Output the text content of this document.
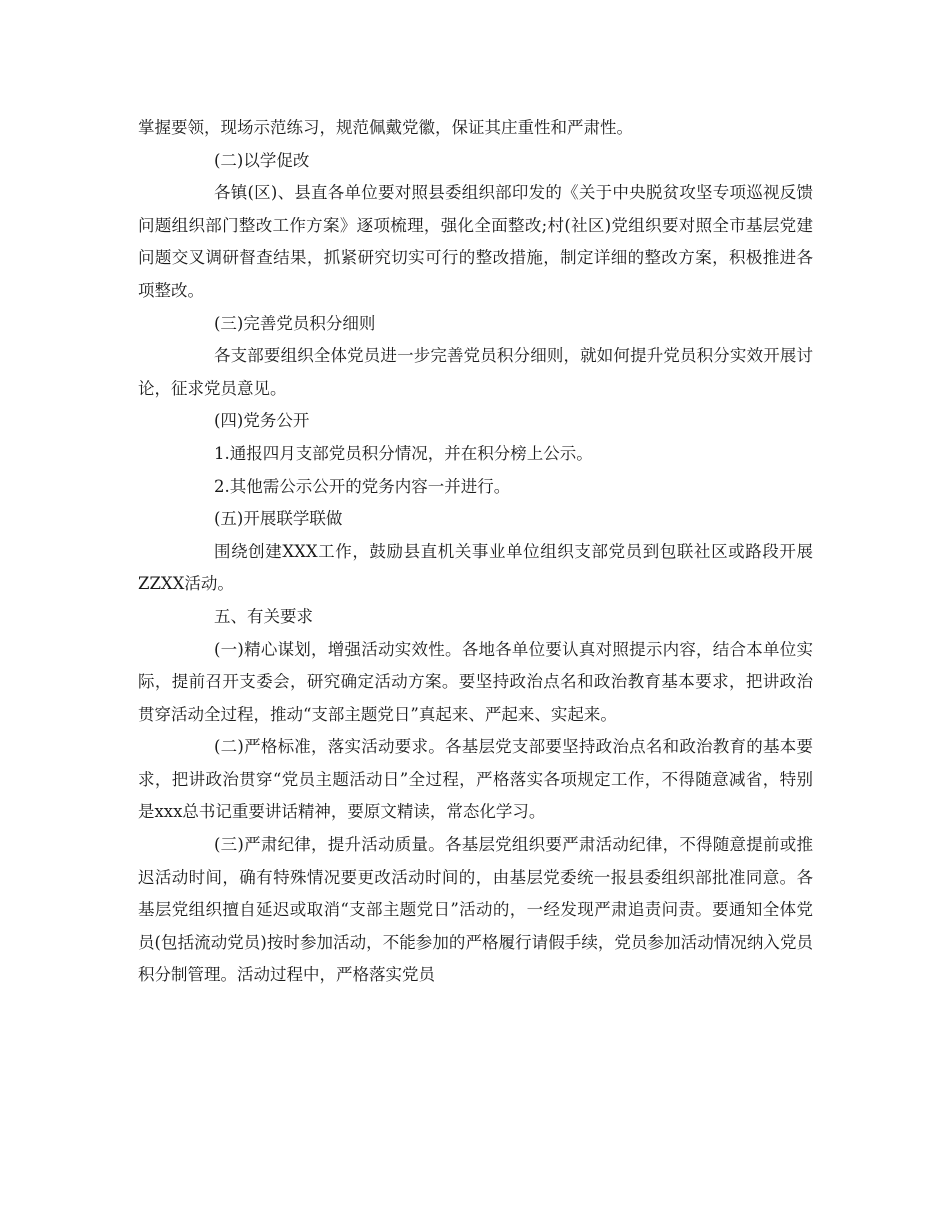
掌握要领，现场示范练习，规范佩戴党徽，保证其庄重性和严肃性。

(二)以学促改

各镇(区)、县直各单位要对照县委组织部印发的《关于中央脱贫攻坚专项巡视反馈问题组织部门整改工作方案》逐项梳理，强化全面整改;村(社区)党组织要对照全市基层党建问题交叉调研督查结果，抓紧研究切实可行的整改措施，制定详细的整改方案，积极推进各项整改。

(三)完善党员积分细则

各支部要组织全体党员进一步完善党员积分细则，就如何提升党员积分实效开展讨论，征求党员意见。

(四)党务公开

1.通报四月支部党员积分情况，并在积分榜上公示。

2.其他需公示公开的党务内容一并进行。

(五)开展联学联做

围绕创建XXX工作，鼓励县直机关事业单位组织支部党员到包联社区或路段开展ZZXX活动。

五、有关要求

(一)精心谋划，增强活动实效性。各地各单位要认真对照提示内容，结合本单位实际，提前召开支委会，研究确定活动方案。要坚持政治点名和政治教育基本要求，把讲政治贯穿活动全过程，推动“支部主题党日”真起来、严起来、实起来。

(二)严格标准，落实活动要求。各基层党支部要坚持政治点名和政治教育的基本要求，把讲政治贯穿“党员主题活动日”全过程，严格落实各项规定工作，不得随意减省，特别是xxx总书记重要讲话精神，要原文精读，常态化学习。

(三)严肃纪律，提升活动质量。各基层党组织要严肃活动纪律，不得随意提前或推迟活动时间，确有特殊情况要更改活动时间的，由基层党委统一报县委组织部批准同意。各基层党组织擅自延迟或取消“支部主题党日”活动的，一经发现严肃追责问责。要通知全体党员(包括流动党员)按时参加活动，不能参加的严格履行请假手续，党员参加活动情况纳入党员积分制管理。活动过程中，严格落实党员
